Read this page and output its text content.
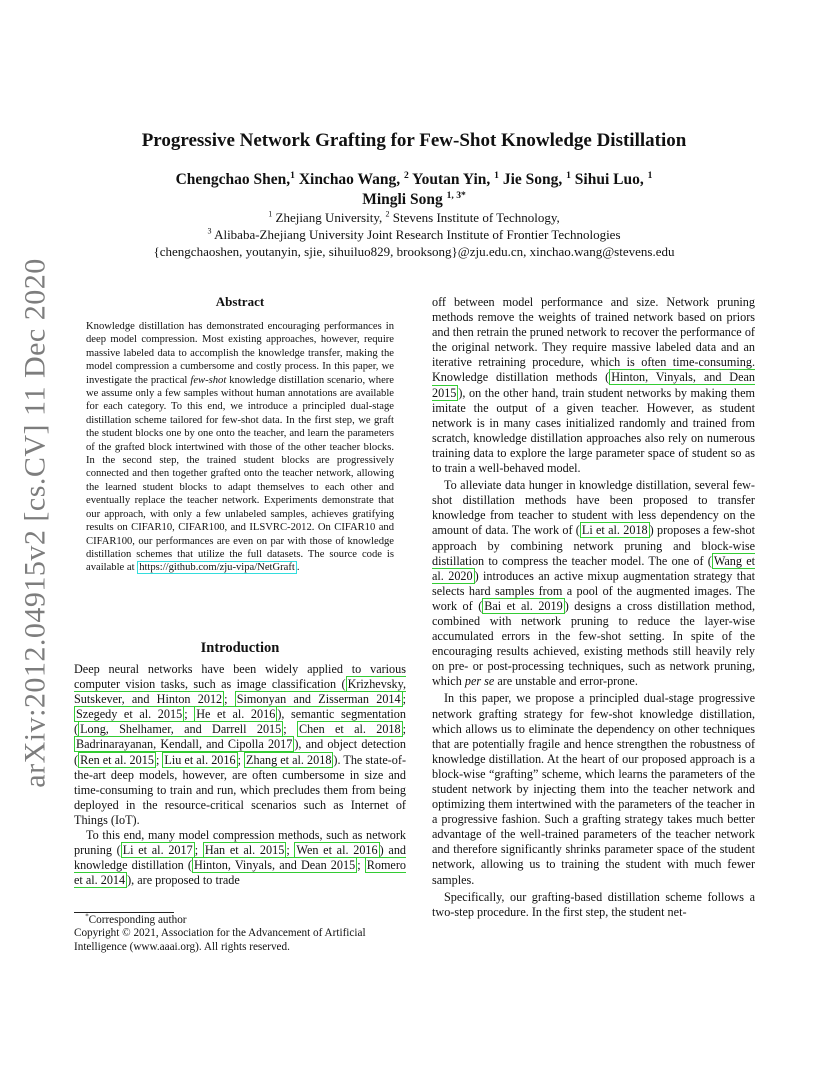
arXiv:2012.04915v2 [cs.CV] 11 Dec 2020
Progressive Network Grafting for Few-Shot Knowledge Distillation
Chengchao Shen,$^1$ Xinchao Wang, $^2$ Youtan Yin, $^1$ Jie Song, $^1$ Sihui Luo, $^1$
Mingli Song $^{1, 3*}$
$^1$ Zhejiang University, $^2$ Stevens Institute of Technology,
$^3$ Alibaba-Zhejiang University Joint Research Institute of Frontier Technologies
{chengchaoshen, youtanyin, sjie, sihuiluo829, brooksong}@zju.edu.cn, xinchao.wang@stevens.edu
Abstract
Knowledge distillation has demonstrated encouraging performances in deep model compression. Most existing approaches, however, require massive labeled data to accomplish the knowledge transfer, making the model compression a cumbersome and costly process. In this paper, we investigate the practical few-shot knowledge distillation scenario, where we assume only a few samples without human annotations are available for each category. To this end, we introduce a principled dual-stage distillation scheme tailored for few-shot data. In the first step, we graft the student blocks one by one onto the teacher, and learn the parameters of the grafted block intertwined with those of the other teacher blocks. In the second step, the trained student blocks are progressively connected and then together grafted onto the teacher network, allowing the learned student blocks to adapt themselves to each other and eventually replace the teacher network. Experiments demonstrate that our approach, with only a few unlabeled samples, achieves gratifying results on CIFAR10, CIFAR100, and ILSVRC-2012. On CIFAR10 and CIFAR100, our performances are even on par with those of knowledge distillation schemes that utilize the full datasets. The source code is available at https://github.com/zju-vipa/NetGraft .
Introduction

Deep neural networks have been widely applied to various computer vision tasks, such as image classification ( Krizhevsky, Sutskever, and Hinton 2012 ; Simonyan and Zisserman 2014 ; Szegedy et al. 2015 ; He et al. 2016 ), semantic segmentation ( Long, Shelhamer, and Darrell 2015 ; Chen et al. 2018 ; Badrinarayanan, Kendall, and Cipolla 2017 ), and object detection ( Ren et al. 2015 ; Liu et al. 2016 ; Zhang et al. 2018 ). The state-of-the-art deep models, however, are often cumbersome in size and time-consuming to train and run, which precludes them from being deployed in the resource-critical scenarios such as Internet of Things (IoT).

To this end, many model compression methods, such as network pruning ( Li et al. 2017 ; Han et al. 2015 ; Wen et al. 2016 ) and knowledge distillation ( Hinton, Vinyals, and Dean 2015 ; Romero et al. 2014 ), are proposed to trade

*Corresponding author
Copyright © 2021, Association for the Advancement of Artificial Intelligence (www.aaai.org). All rights reserved.

off between model performance and size. Network pruning methods remove the weights of trained network based on priors and then retrain the pruned network to recover the performance of the original network. They require massive labeled data and an iterative retraining procedure, which is often time-consuming. Knowledge distillation methods ( Hinton, Vinyals, and Dean 2015 ), on the other hand, train student networks by making them imitate the output of a given teacher. However, as student network is in many cases initialized randomly and trained from scratch, knowledge distillation approaches also rely on numerous training data to explore the large parameter space of student so as to train a well-behaved model.

To alleviate data hunger in knowledge distillation, several few-shot distillation methods have been proposed to transfer knowledge from teacher to student with less dependency on the amount of data. The work of ( Li et al. 2018 ) proposes a few-shot approach by combining network pruning and block-wise distillation to compress the teacher model. The one of ( Wang et al. 2020 ) introduces an active mixup augmentation strategy that selects hard samples from a pool of the augmented images. The work of ( Bai et al. 2019 ) designs a cross distillation method, combined with network pruning to reduce the layer-wise accumulated errors in the few-shot setting. In spite of the encouraging results achieved, existing methods still heavily rely on pre- or post-processing techniques, such as network pruning, which per se are unstable and error-prone.

In this paper, we propose a principled dual-stage progressive network grafting strategy for few-shot knowledge distillation, which allows us to eliminate the dependency on other techniques that are potentially fragile and hence strengthen the robustness of knowledge distillation. At the heart of our proposed approach is a block-wise “grafting” scheme, which learns the parameters of the student network by injecting them into the teacher network and optimizing them intertwined with the parameters of the teacher in a progressive fashion. Such a grafting strategy takes much better advantage of the well-trained parameters of the teacher network and therefore significantly shrinks parameter space of the student network, allowing us to training the student with much fewer samples.

Specifically, our grafting-based distillation scheme follows a two-step procedure. In the first step, the student net-
